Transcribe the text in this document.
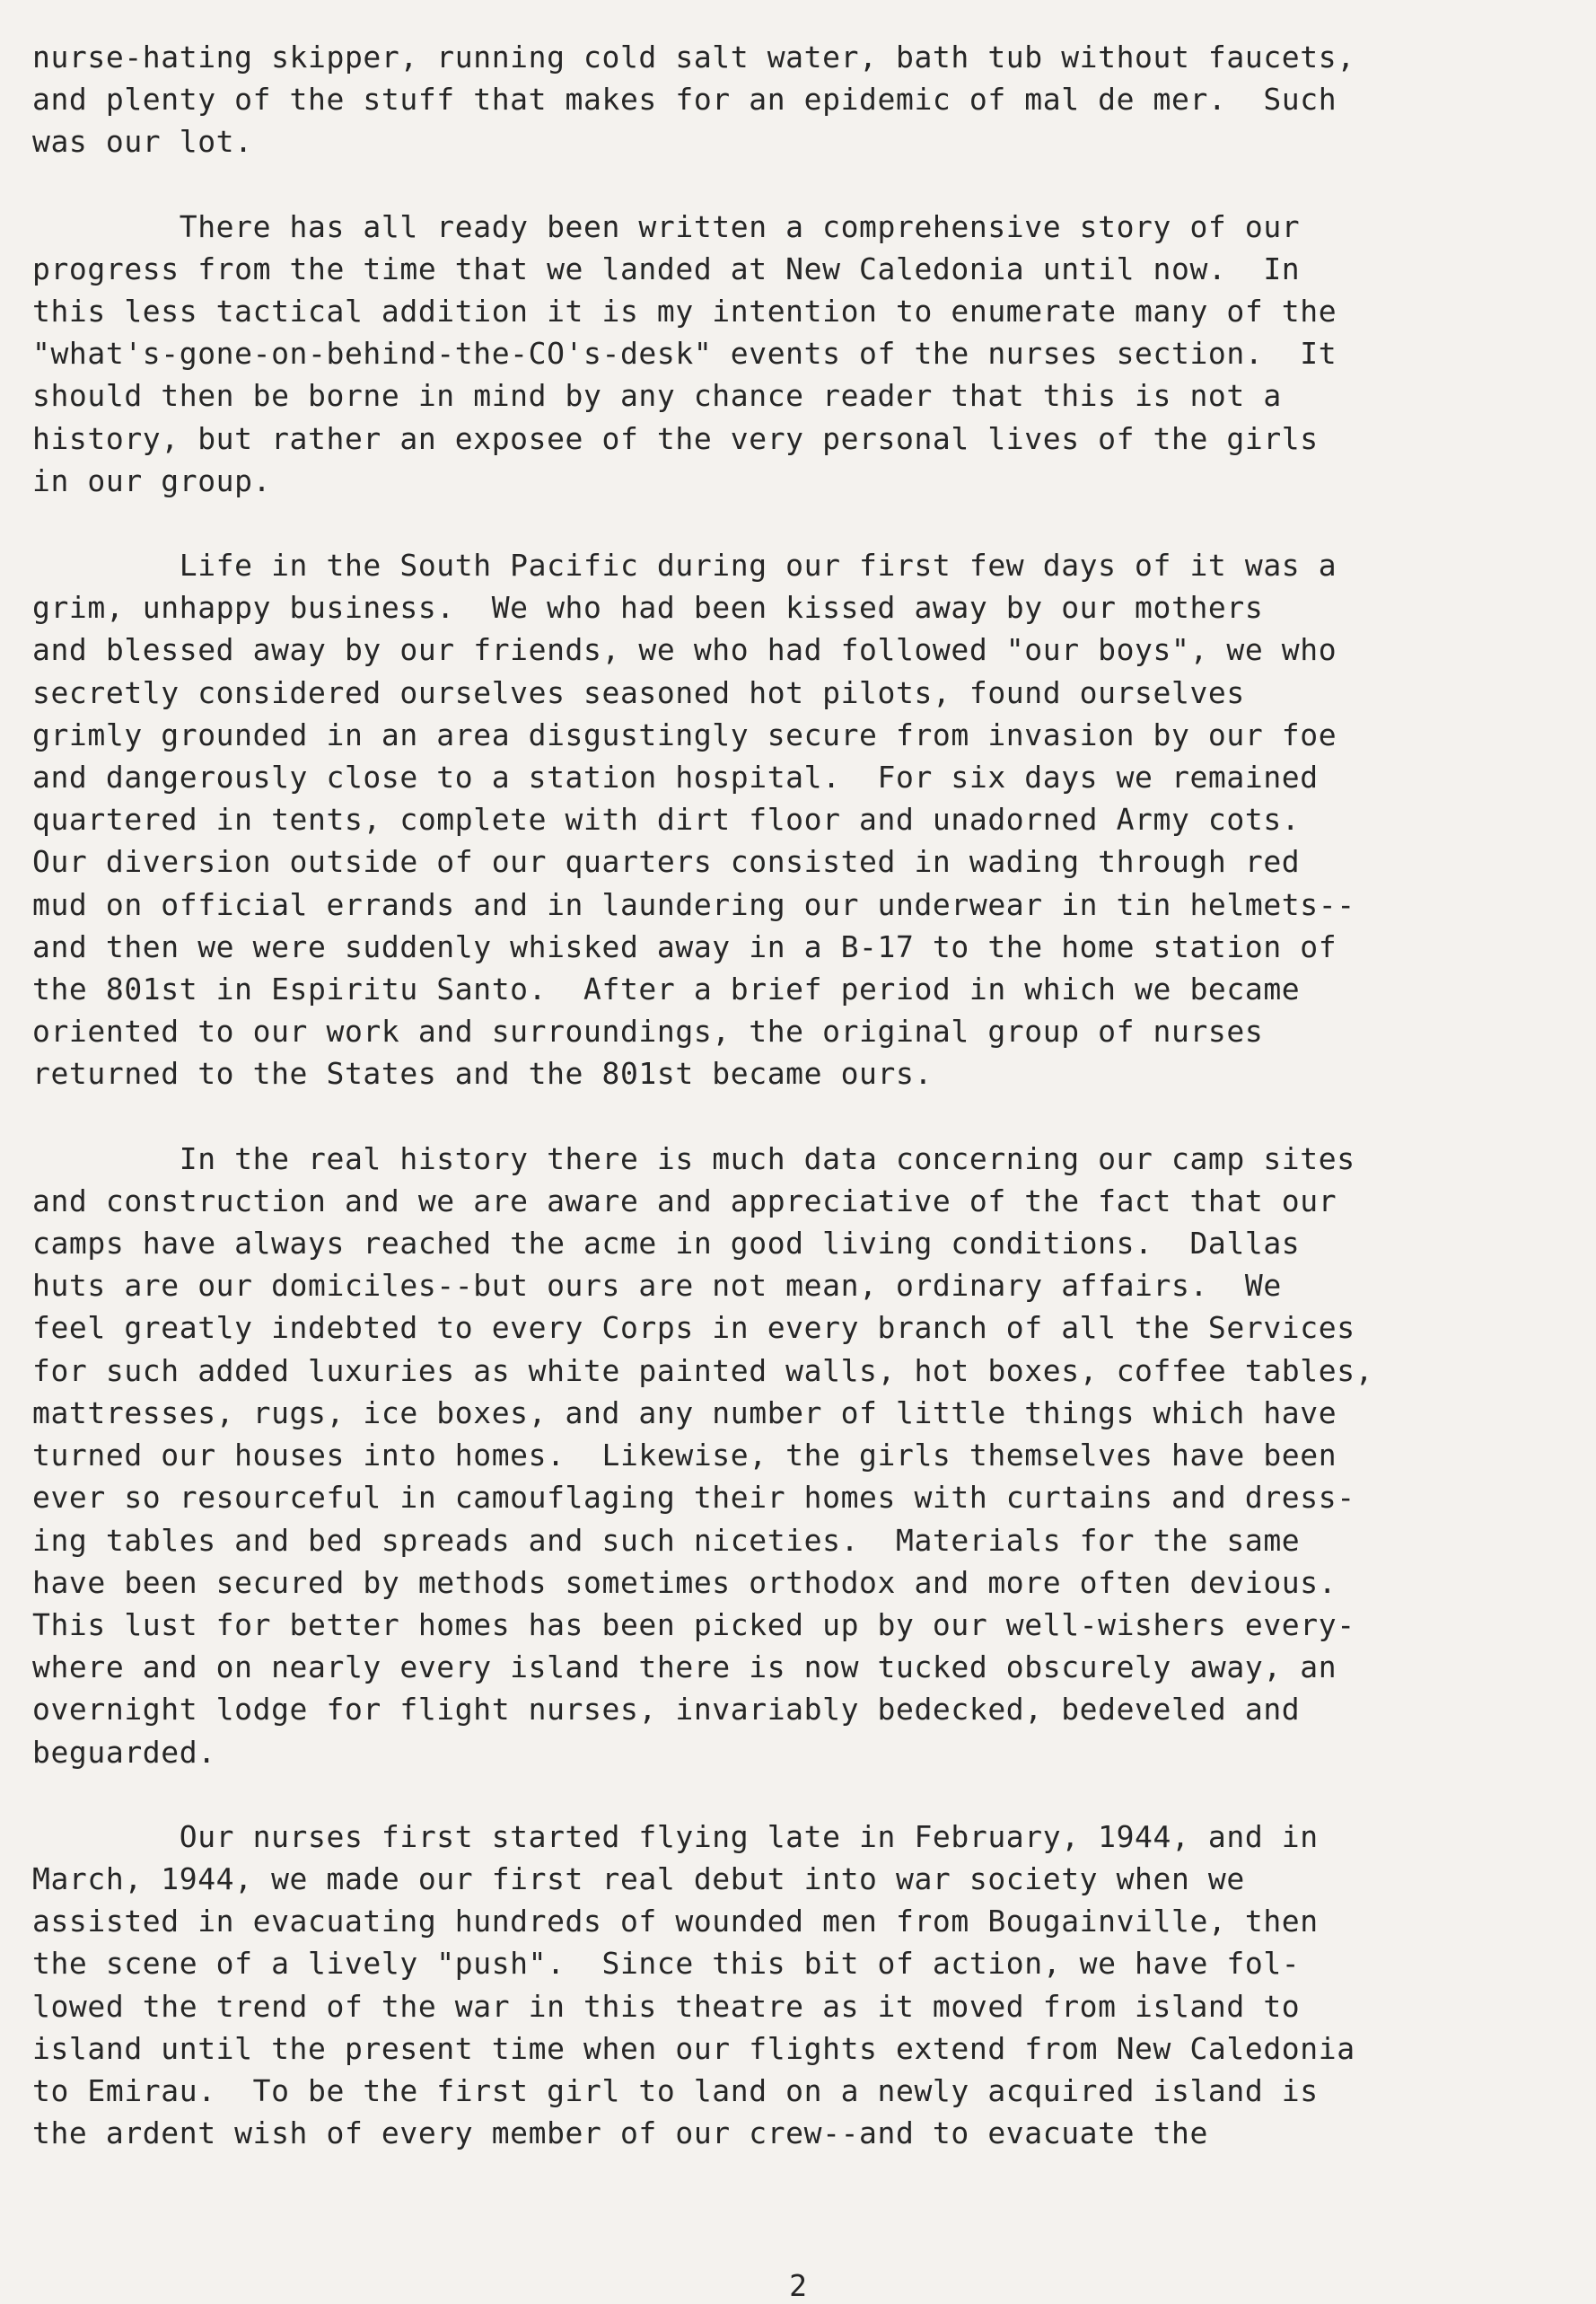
nurse-hating skipper, running cold salt water, bath tub without faucets,
and plenty of the stuff that makes for an epidemic of mal de mer.  Such
was our lot.

There has all ready been written a comprehensive story of our
progress from the time that we landed at New Caledonia until now.  In
this less tactical addition it is my intention to enumerate many of the
"what's-gone-on-behind-the-CO's-desk" events of the nurses section.  It
should then be borne in mind by any chance reader that this is not a
history, but rather an exposee of the very personal lives of the girls
in our group.

Life in the South Pacific during our first few days of it was a
grim, unhappy business.  We who had been kissed away by our mothers
and blessed away by our friends, we who had followed "our boys", we who
secretly considered ourselves seasoned hot pilots, found ourselves
grimly grounded in an area disgustingly secure from invasion by our foe
and dangerously close to a station hospital.  For six days we remained
quartered in tents, complete with dirt floor and unadorned Army cots.
Our diversion outside of our quarters consisted in wading through red
mud on official errands and in laundering our underwear in tin helmets--
and then we were suddenly whisked away in a B-17 to the home station of
the 801st in Espiritu Santo.  After a brief period in which we became
oriented to our work and surroundings, the original group of nurses
returned to the States and the 801st became ours.

In the real history there is much data concerning our camp sites
and construction and we are aware and appreciative of the fact that our
camps have always reached the acme in good living conditions.  Dallas
huts are our domiciles--but ours are not mean, ordinary affairs.  We
feel greatly indebted to every Corps in every branch of all the Services
for such added luxuries as white painted walls, hot boxes, coffee tables,
mattresses, rugs, ice boxes, and any number of little things which have
turned our houses into homes.  Likewise, the girls themselves have been
ever so resourceful in camouflaging their homes with curtains and dress-
ing tables and bed spreads and such niceties.  Materials for the same
have been secured by methods sometimes orthodox and more often devious.
This lust for better homes has been picked up by our well-wishers every-
where and on nearly every island there is now tucked obscurely away, an
overnight lodge for flight nurses, invariably bedecked, bedeveled and
beguarded.

Our nurses first started flying late in February, 1944, and in
March, 1944, we made our first real debut into war society when we
assisted in evacuating hundreds of wounded men from Bougainville, then
the scene of a lively "push".  Since this bit of action, we have fol-
lowed the trend of the war in this theatre as it moved from island to
island until the present time when our flights extend from New Caledonia
to Emirau.  To be the first girl to land on a newly acquired island is
the ardent wish of every member of our crew--and to evacuate the

2
